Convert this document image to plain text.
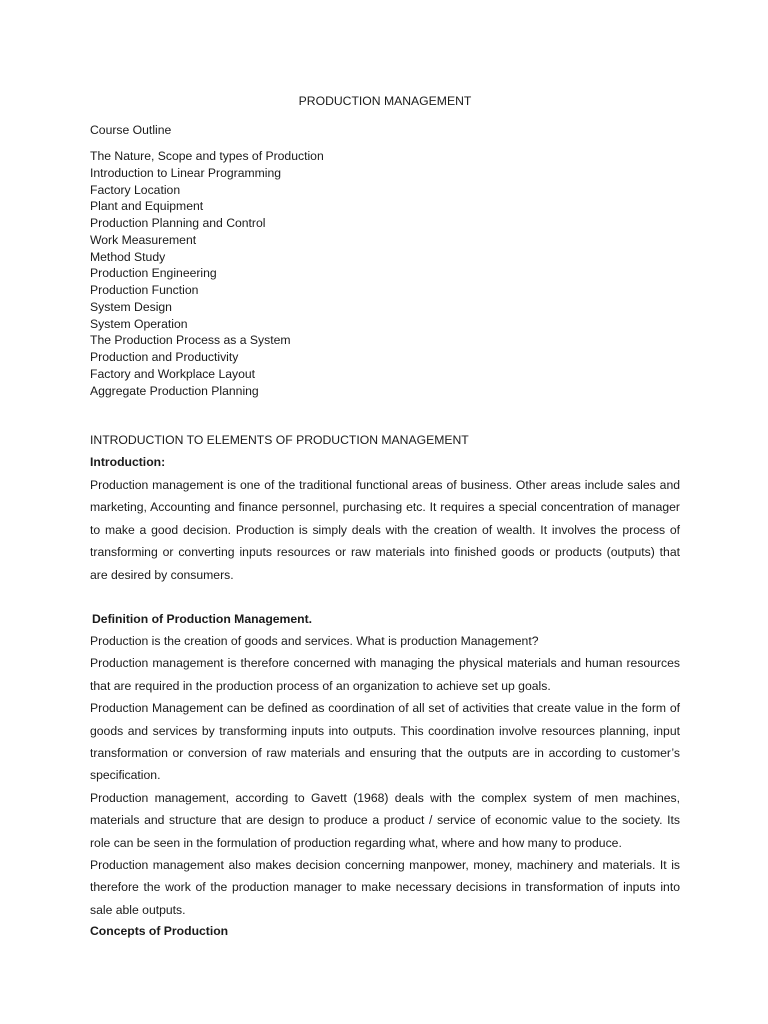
PRODUCTION MANAGEMENT
Course Outline
The Nature, Scope and types of Production
Introduction to Linear Programming
Factory Location
Plant and Equipment
Production Planning and Control
Work Measurement
Method Study
Production Engineering
Production Function
System Design
System Operation
The Production Process as a System
Production and Productivity
Factory and Workplace Layout
Aggregate Production Planning
INTRODUCTION TO ELEMENTS OF PRODUCTION MANAGEMENT
Introduction:

Production management is one of the traditional functional areas of business. Other areas include sales and marketing, Accounting and finance personnel, purchasing etc. It requires a special concentration of manager to make a good decision. Production is simply deals with the creation of wealth. It involves the process of transforming or converting inputs resources or raw materials into finished goods or products (outputs) that are desired by consumers.

Definition of Production Management.

Production is the creation of goods and services. What is production Management?

Production management is therefore concerned with managing the physical materials and human resources that are required in the production process of an organization to achieve set up goals.

Production Management can be defined as coordination of all set of activities that create value in the form of goods and services by transforming inputs into outputs. This coordination involve resources planning, input transformation or conversion of raw materials and ensuring that the outputs are in according to customer’s specification.

Production management, according to Gavett (1968) deals with the complex system of men machines, materials and structure that are design to produce a product / service of economic value to the society. Its role can be seen in the formulation of production regarding what, where and how many to produce.

Production management also makes decision concerning manpower, money, machinery and materials. It is therefore the work of the production manager to make necessary decisions in transformation of inputs into sale able outputs.

Concepts of Production
